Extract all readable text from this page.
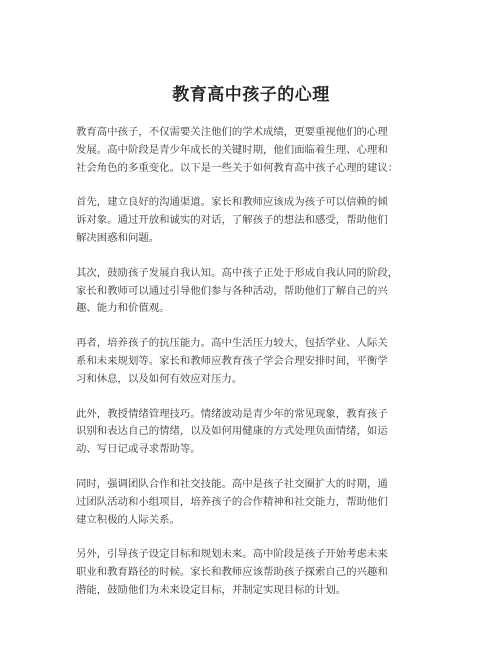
教育高中孩子的心理

教育高中孩子，不仅需要关注他们的学术成绩，更要重视他们的心理
发展。高中阶段是青少年成长的关键时期，他们面临着生理、心理和
社会角色的多重变化。以下是一些关于如何教育高中孩子心理的建议：

首先，建立良好的沟通渠道。家长和教师应该成为孩子可以信赖的倾
诉对象。通过开放和诚实的对话，了解孩子的想法和感受，帮助他们
解决困惑和问题。

其次，鼓励孩子发展自我认知。高中孩子正处于形成自我认同的阶段，
家长和教师可以通过引导他们参与各种活动，帮助他们了解自己的兴
趣、能力和价值观。

再者，培养孩子的抗压能力。高中生活压力较大，包括学业、人际关
系和未来规划等。家长和教师应教育孩子学会合理安排时间，平衡学
习和休息，以及如何有效应对压力。

此外，教授情绪管理技巧。情绪波动是青少年的常见现象，教育孩子
识别和表达自己的情绪，以及如何用健康的方式处理负面情绪，如运
动、写日记或寻求帮助等。

同时，强调团队合作和社交技能。高中是孩子社交圈扩大的时期，通
过团队活动和小组项目，培养孩子的合作精神和社交能力，帮助他们
建立积极的人际关系。

另外，引导孩子设定目标和规划未来。高中阶段是孩子开始考虑未来
职业和教育路径的时候。家长和教师应该帮助孩子探索自己的兴趣和
潜能，鼓励他们为未来设定目标，并制定实现目标的计划。
